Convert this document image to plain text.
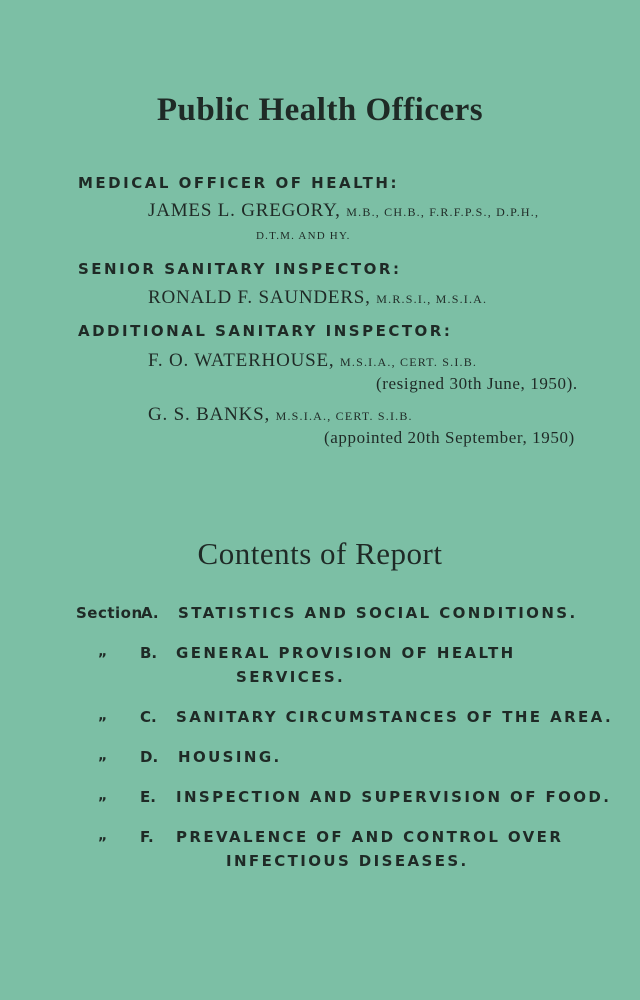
Public Health Officers

MEDICAL OFFICER OF HEALTH:

JAMES L. GREGORY, M.B., CH.B., F.R.F.P.S., D.P.H.,

D.T.M. AND HY.

SENIOR SANITARY INSPECTOR:

RONALD F. SAUNDERS, M.R.S.I., M.S.I.A.

ADDITIONAL SANITARY INSPECTOR:

F. O. WATERHOUSE, M.S.I.A., CERT. S.I.B.

(resigned 30th June, 1950).

G. S. BANKS, M.S.I.A., CERT. S.I.B.

(appointed 20th September, 1950)

Contents of Report
Section
A. STATISTICS AND SOCIAL CONDITIONS.
„ B. GENERAL PROVISION OF HEALTH
SERVICES.
„ C. SANITARY CIRCUMSTANCES OF THE AREA.
„ D. HOUSING.
„ E. INSPECTION AND SUPERVISION OF FOOD.
„ F. PREVALENCE OF AND CONTROL OVER
INFECTIOUS DISEASES.
